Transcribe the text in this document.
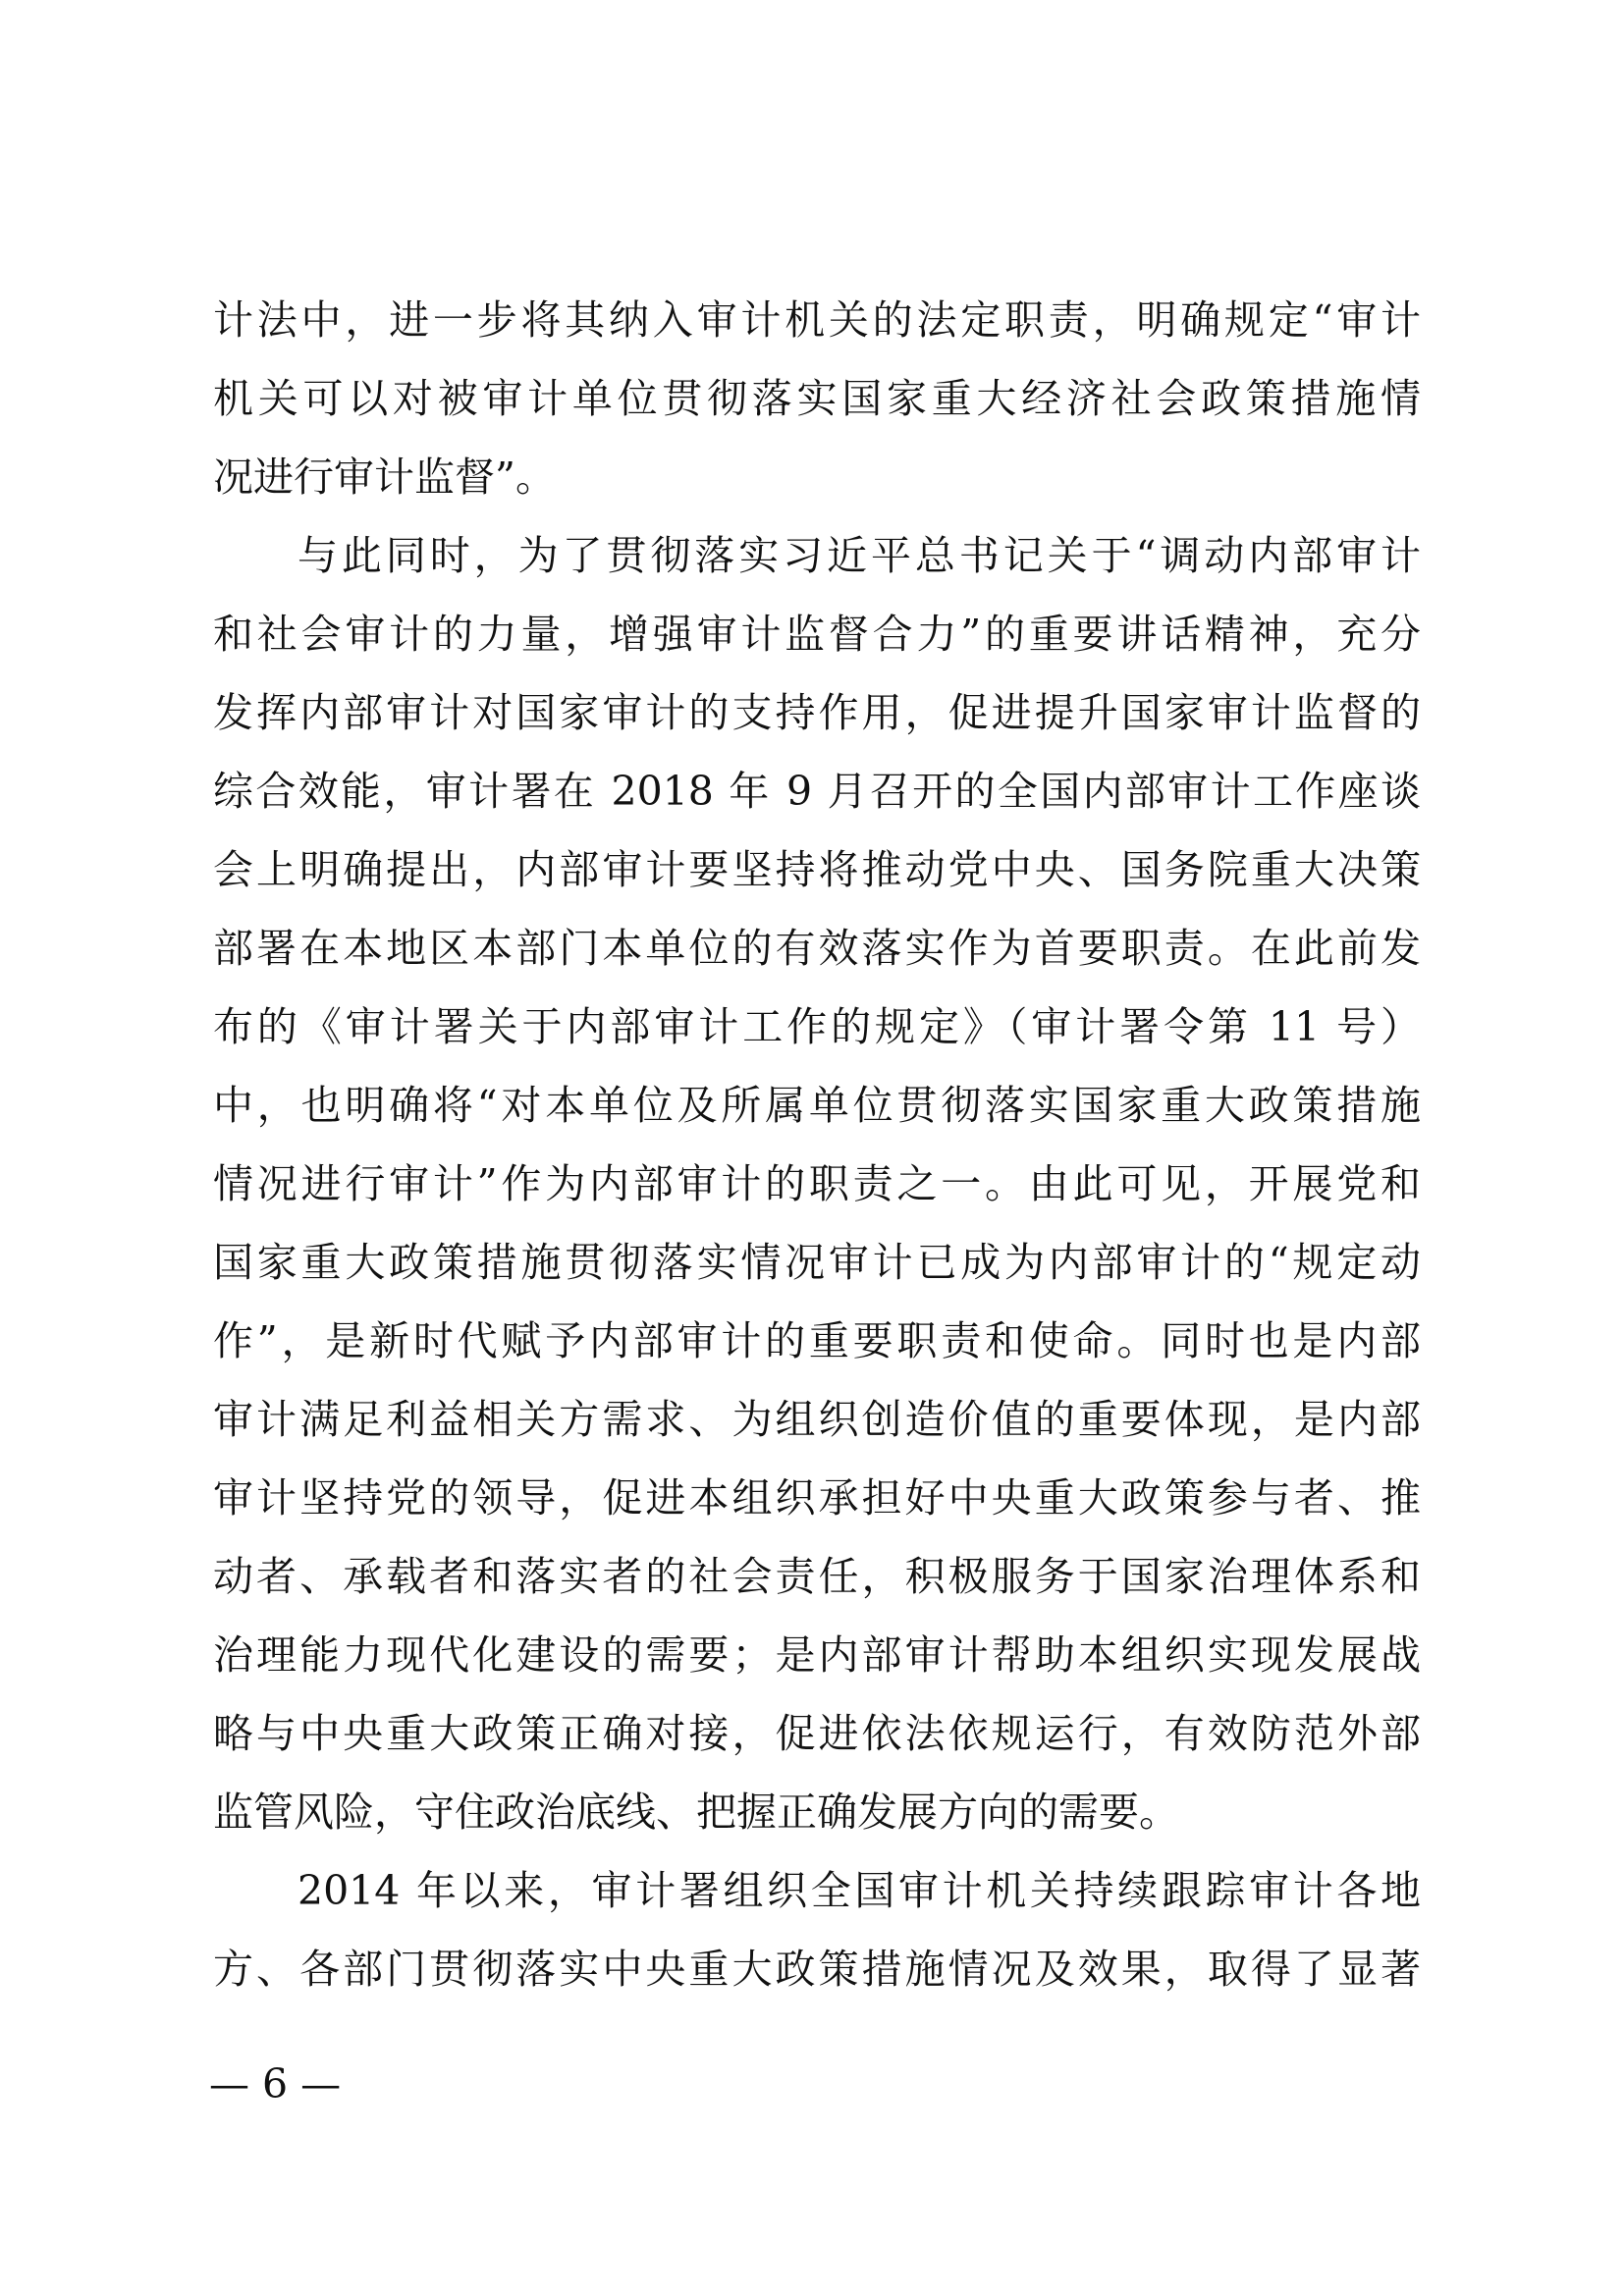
计法中，进一步将其纳入审计机关的法定职责，明确规定“审计
机关可以对被审计单位贯彻落实国家重大经济社会政策措施情
况进行审计监督”。
与此同时，为了贯彻落实习近平总书记关于“调动内部审计
和社会审计的力量，增强审计监督合力”的重要讲话精神，充分
发挥内部审计对国家审计的支持作用，促进提升国家审计监督的
综合效能，审计署在 2018 年 9 月召开的全国内部审计工作座谈
会上明确提出，内部审计要坚持将推动党中央、国务院重大决策
部署在本地区本部门本单位的有效落实作为首要职责。在此前发
布的《审计署关于内部审计工作的规定》（审计署令第 11 号）
中，也明确将“对本单位及所属单位贯彻落实国家重大政策措施
情况进行审计”作为内部审计的职责之一。由此可见，开展党和
国家重大政策措施贯彻落实情况审计已成为内部审计的“规定动
作”，是新时代赋予内部审计的重要职责和使命。同时也是内部
审计满足利益相关方需求、为组织创造价值的重要体现，是内部
审计坚持党的领导，促进本组织承担好中央重大政策参与者、推
动者、承载者和落实者的社会责任，积极服务于国家治理体系和
治理能力现代化建设的需要；是内部审计帮助本组织实现发展战
略与中央重大政策正确对接，促进依法依规运行，有效防范外部
监管风险，守住政治底线、把握正确发展方向的需要。
2014 年以来，审计署组织全国审计机关持续跟踪审计各地
方、各部门贯彻落实中央重大政策措施情况及效果，取得了显著
— 6 —
